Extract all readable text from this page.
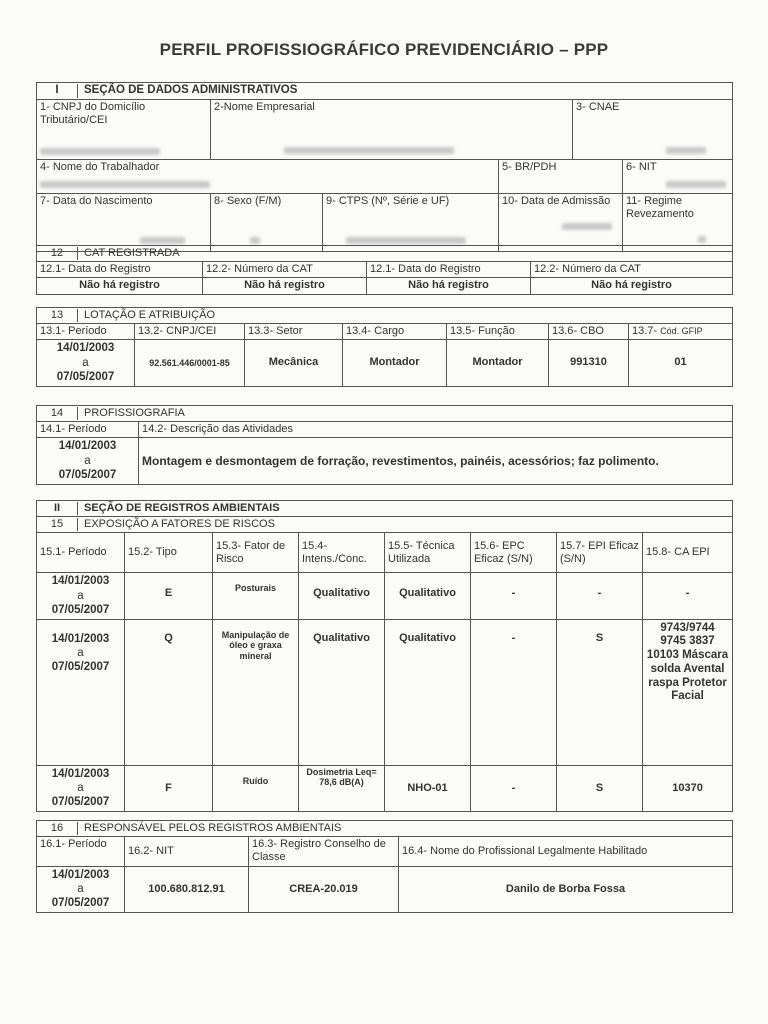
PERFIL PROFISSIOGRÁFICO PREVIDENCIÁRIO – PPP
I SEÇÃO DE DADOS ADMINISTRATIVOS					

1- CNPJ do Domicílio Tributário/CEI	2-Nome Empresarial			3- CNAE	

4- Nome do Trabalhador			5- BR/PDH		6- NIT

7- Data do Nascimento	8- Sexo (F/M)	9- CTPS (Nº, Série e UF)	10- Data de Admissão		11- Regime Revezamento
12 CAT REGISTRADA			
12.1- Data do Registro	12.2- Número da CAT	12.1- Data do Registro	12.2- Número da CAT
Não há registro	Não há registro	Não há registro	Não há registro
13 LOTAÇÃO E ATRIBUIÇÃO						
13.1- Período	13.2- CNPJ/CEI	13.3- Setor	13.4- Cargo	13.5- Função	13.6- CBO	13.7- Cód. GFIP

14/01/2003
a
07/05/2007	92.561.446/0001-85	Mecânica	Montador	Montador	991310	01
14 PROFISSIOGRAFIA	
14.1- Período	14.2- Descrição das Atividades

14/01/2003
a
07/05/2007	Montagem e desmontagem de forração, revestimentos, painéis, acessórios; faz polimento.
II SEÇÃO DE REGISTROS AMBIENTAIS							
15 EXPOSIÇÃO A FATORES DE RISCOS							
15.1- Período	15.2- Tipo	15.3- Fator de Risco	15.4- Intens./Conc.	15.5- Técnica Utilizada	15.6- EPC Eficaz (S/N)	15.7- EPI Eficaz (S/N)	15.8- CA EPI

14/01/2003
a
07/05/2007	E	Posturais	Qualitativo	Qualitativo	-	-	-

14/01/2003
a
07/05/2007	Q	Manipulação de óleo e graxa mineral	Qualitativo	Qualitativo	-	S	9743/9744 9745 3837 10103 Máscara solda Avental raspa Protetor Facial

14/01/2003
a
07/05/2007	F	Ruído	Dosimetria Leq= 78,6 dB(A)	NHO-01	-	S	10370
16 RESPONSÁVEL PELOS REGISTROS AMBIENTAIS			
16.1- Período	16.2- NIT	16.3- Registro Conselho de Classe	16.4- Nome do Profissional Legalmente Habilitado

14/01/2003
a
07/05/2007	100.680.812.91	CREA-20.019	Danilo de Borba Fossa
